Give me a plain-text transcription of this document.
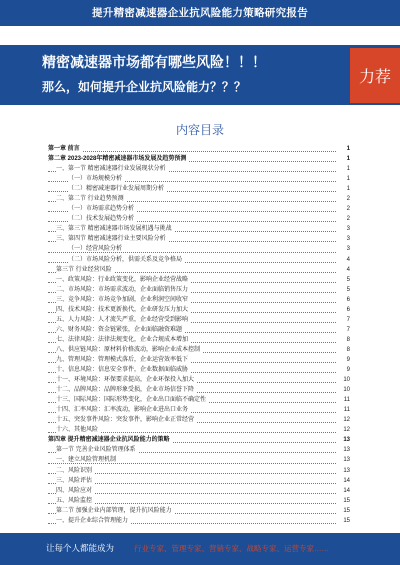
提升精密减速器企业抗风险能力策略研究报告
精密减速器市场都有哪些风险！！！
那么，如何提升企业抗风险能力？？？
力荐
内容目录
第一章 前言	1
第二章 2023-2028年精密减速器市场发展及趋势预测	1
一、第一节 精密减速器行业发展现状分析	1
（一）市场规模分析	1
（二）精密减速器行业发展周期分析	1
二、第二节 行业趋势预测	2
（一）市场需求趋势分析	2
（二）技术发展趋势分析	2
三、第三节 精密减速器市场发展机遇与挑战	3
三、第四节 精密减速器行业主要风险分析	3
（一）经营风险分析	3
（二）市场风险分析，供需关系及竞争格局	4
第三节 行业经营风险	4
一、政策风险：行业政策变化，影响企业经营战略	5
二、市场风险：市场需求波动，企业面临销售压力	5
三、竞争风险：市场竞争加剧，企业利润空间收窄	6
四、技术风险：技术更新换代，企业研发压力加大	6
五、人力风险：人才流失严重，企业经营受到影响	7
六、财务风险：资金链紧张，企业面临融资难题	7
七、法律风险：法律法规变化，企业合规成本增加	8
八、供应链风险：原材料价格波动，影响企业成本控制	8
九、管理风险：管理模式落后，企业运营效率低下	9
十、信息风险：信息安全事件，企业数据面临威胁	9
十一、环境风险：环保要求提高，企业环保投入加大	10
十二、品牌风险：品牌形象受损，企业市场信誉下降	10
十三、国际风险：国际形势变化，企业出口面临不确定性	11
十四、汇率风险：汇率波动，影响企业进出口业务	11
十五、突发事件风险：突发事件，影响企业正常经营	12
十六、其他风险	12
第四章 提升精密减速器企业抗风险能力的策略	13
第一节 完善企业风险管理体系	13
一、建立风险管理机制	13
二、风险识别	13
三、风险评估	14
四、风险应对	14
五、风险监控	15
第二节 加强企业内部管理，提升抗风险能力	15
一、提升企业综合管理能力	15
让每个人都能成为	行业专家、管理专家、营销专家、战略专家、运营专家……
